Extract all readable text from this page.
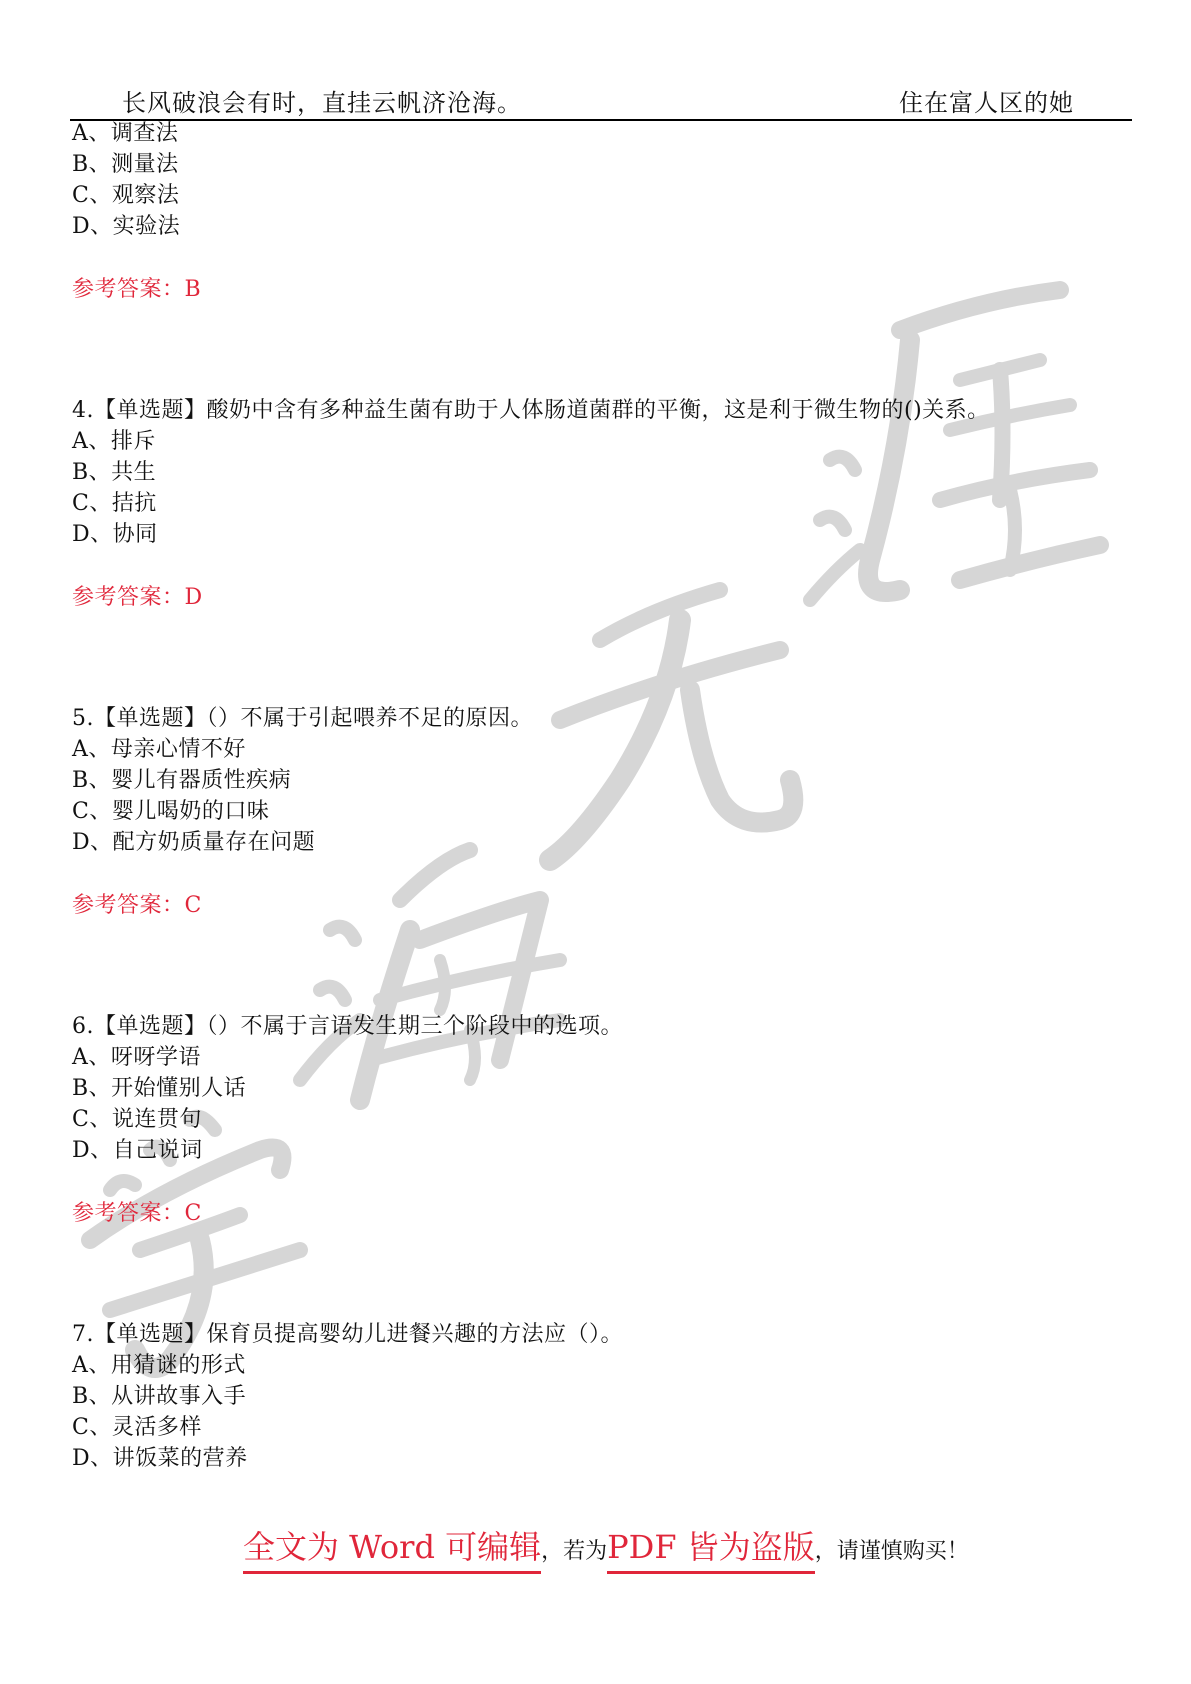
长风破浪会有时，直挂云帆济沧海。	住在富人区的她
A、调查法
B、测量法
C、观察法
D、实验法
参考答案：B
4.【单选题】酸奶中含有多种益生菌有助于人体肠道菌群的平衡，这是利于微生物的()关系。
A、排斥
B、共生
C、拮抗
D、协同
参考答案：D
5.【单选题】（）不属于引起喂养不足的原因。
A、母亲心情不好
B、婴儿有器质性疾病
C、婴儿喝奶的口味
D、配方奶质量存在问题
参考答案：C
6.【单选题】（）不属于言语发生期三个阶段中的选项。
A、呀呀学语
B、开始懂别人话
C、说连贯句
D、自己说词
参考答案：C
7.【单选题】保育员提高婴幼儿进餐兴趣的方法应（）。
A、用猜谜的形式
B、从讲故事入手
C、灵活多样
D、讲饭菜的营养
全文为 Word 可编辑，若为PDF 皆为盗版，请谨慎购买！
